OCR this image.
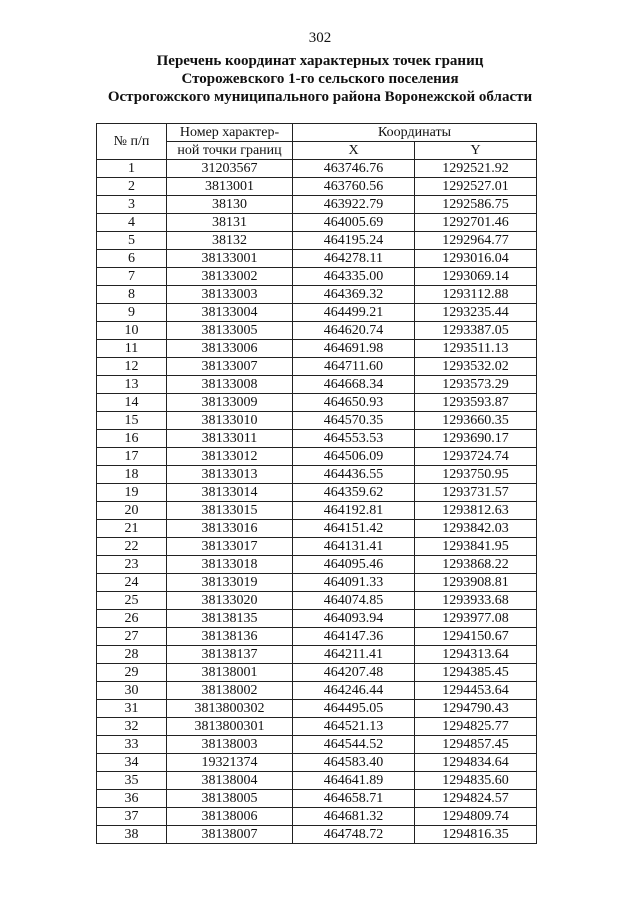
302
Перечень координат характерных точек границ
Сторожевского 1-го сельского поселения
Острогожского муниципального района Воронежской области
№ п/п	Номер характер-	Координаты	
	ной точки границ	X	Y
1	31203567	463746.76	1292521.92
2	3813001	463760.56	1292527.01
3	38130	463922.79	1292586.75
4	38131	464005.69	1292701.46
5	38132	464195.24	1292964.77
6	38133001	464278.11	1293016.04
7	38133002	464335.00	1293069.14
8	38133003	464369.32	1293112.88
9	38133004	464499.21	1293235.44
10	38133005	464620.74	1293387.05
11	38133006	464691.98	1293511.13
12	38133007	464711.60	1293532.02
13	38133008	464668.34	1293573.29
14	38133009	464650.93	1293593.87
15	38133010	464570.35	1293660.35
16	38133011	464553.53	1293690.17
17	38133012	464506.09	1293724.74
18	38133013	464436.55	1293750.95
19	38133014	464359.62	1293731.57
20	38133015	464192.81	1293812.63
21	38133016	464151.42	1293842.03
22	38133017	464131.41	1293841.95
23	38133018	464095.46	1293868.22
24	38133019	464091.33	1293908.81
25	38133020	464074.85	1293933.68
26	38138135	464093.94	1293977.08
27	38138136	464147.36	1294150.67
28	38138137	464211.41	1294313.64
29	38138001	464207.48	1294385.45
30	38138002	464246.44	1294453.64
31	3813800302	464495.05	1294790.43
32	3813800301	464521.13	1294825.77
33	38138003	464544.52	1294857.45
34	19321374	464583.40	1294834.64
35	38138004	464641.89	1294835.60
36	38138005	464658.71	1294824.57
37	38138006	464681.32	1294809.74
38	38138007	464748.72	1294816.35
